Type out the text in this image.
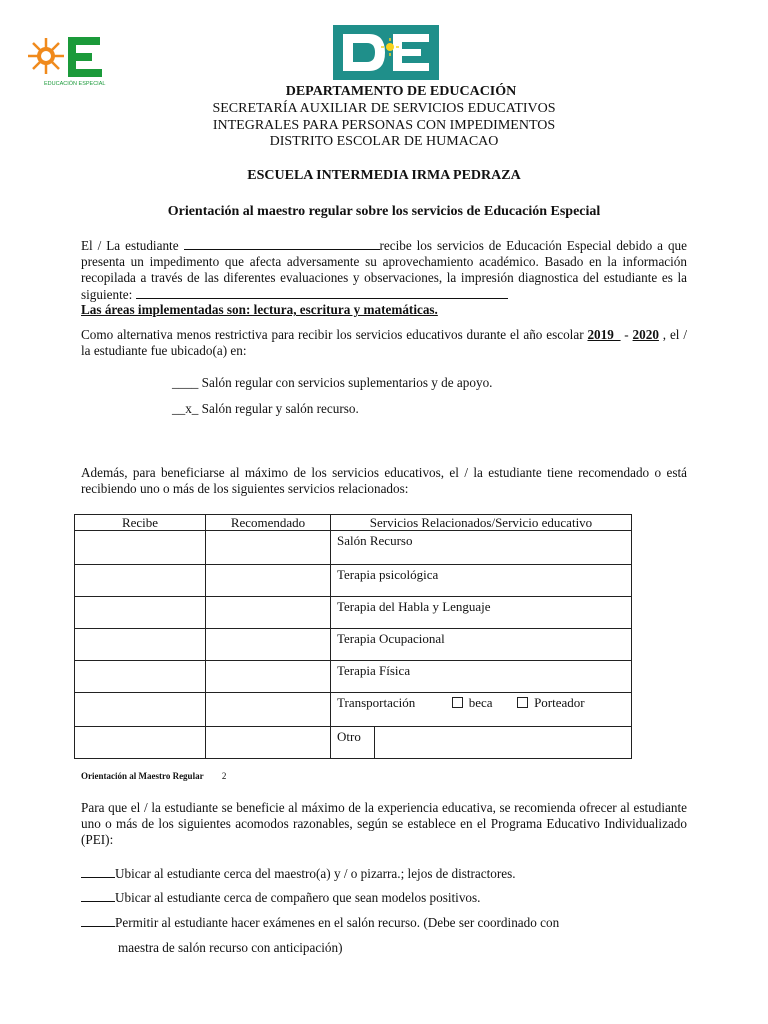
EDUCACIÓN ESPECIAL	DEPARTAMENTO DE EDUCACIÓN
SECRETARÍA AUXILIAR DE SERVICIOS EDUCATIVOS
INTEGRALES PARA PERSONAS CON IMPEDIMENTOS
DISTRITO ESCOLAR DE HUMACAO
ESCUELA INTERMEDIA IRMA PEDRAZA
Orientación al maestro regular sobre los servicios de Educación Especial
El / La estudiante	recibe los servicios de Educación Especial debido a que presenta un impedimento que afecta adversamente su aprovechamiento académico. Basado en la información recopilada a través de las diferentes evaluaciones y observaciones, la impresión diagnostica del estudiante es la siguiente:
Las áreas implementadas son: lectura, escritura y matemáticas.
Como alternativa menos restrictiva para recibir los servicios educativos durante el año escolar 2019_ - 2020 , el / la estudiante fue ubicado(a) en:
____ Salón regular con servicios suplementarios y de apoyo.
__x_ Salón regular y salón recurso.
Además, para beneficiarse al máximo de los servicios educativos, el / la estudiante tiene recomendado o está recibiendo uno o más de los siguientes servicios relacionados:
Recibe	Recomendado	Servicios Relacionados/Servicio educativo

		Salón Recurso

		Terapia psicológica

		Terapia del Habla y Lenguaje

		Terapia Ocupacional

		Terapia Física

		Transportación beca Porteador

		Otro
Orientación al Maestro Regular 2
Para que el / la estudiante se beneficie al máximo de la experiencia educativa, se recomienda ofrecer al estudiante uno o más de los siguientes acomodos razonables, según se establece en el Programa Educativo Individualizado (PEI):
Ubicar al estudiante cerca del maestro(a) y / o pizarra.; lejos de distractores.
Ubicar al estudiante cerca de compañero que sean modelos positivos.
Permitir al estudiante hacer exámenes en el salón recurso. (Debe ser coordinado con
maestra de salón recurso con anticipación)
